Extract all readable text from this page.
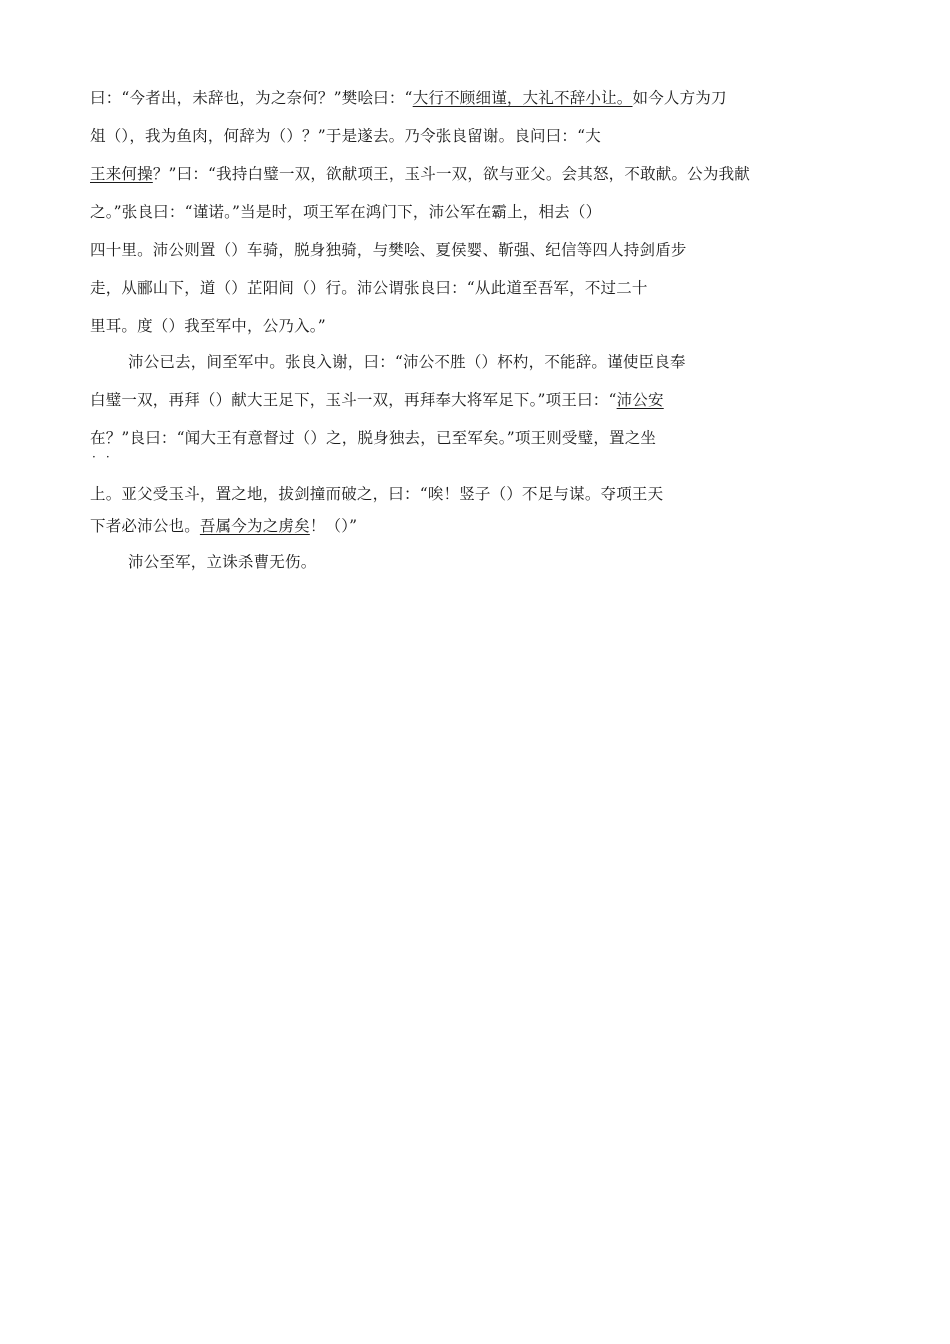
曰：“今者出，未辞也，为之奈何？”樊哙曰：“大行不顾细谨，大礼不辞小让。如今人方为刀
俎（），我为鱼肉，何辞为（）？”于是遂去。乃令张良留谢。良问曰：“大
王来何操？”曰：“我持白璧一双，欲献项王，玉斗一双，欲与亚父。会其怒，不敢献。公为我献
之。”张良曰：“谨诺。”当是时，项王军在鸿门下，沛公军在霸上，相去（）
四十里。沛公则置（）车骑，脱身独骑，与樊哙、夏侯婴、靳强、纪信等四人持剑盾步
走，从郦山下，道（）芷阳间（）行。沛公谓张良曰：“从此道至吾军，不过二十
里耳。度（）我至军中，公乃入。”
沛公已去，间至军中。张良入谢，曰：“沛公不胜（）杯杓，不能辞。谨使臣良奉
白璧一双，再拜（）献大王足下，玉斗一双，再拜奉大将军足下。”项王曰：“沛公安
在？”良曰：“闻大王有意督过（）之，脱身独去，已至军矣。”项王则受璧，置之坐
··
上。亚父受玉斗，置之地，拔剑撞而破之，曰：“唉！竖子（）不足与谋。夺项王天
下者必沛公也。吾属今为之虏矣！（）”
沛公至军，立诛杀曹无伤。
